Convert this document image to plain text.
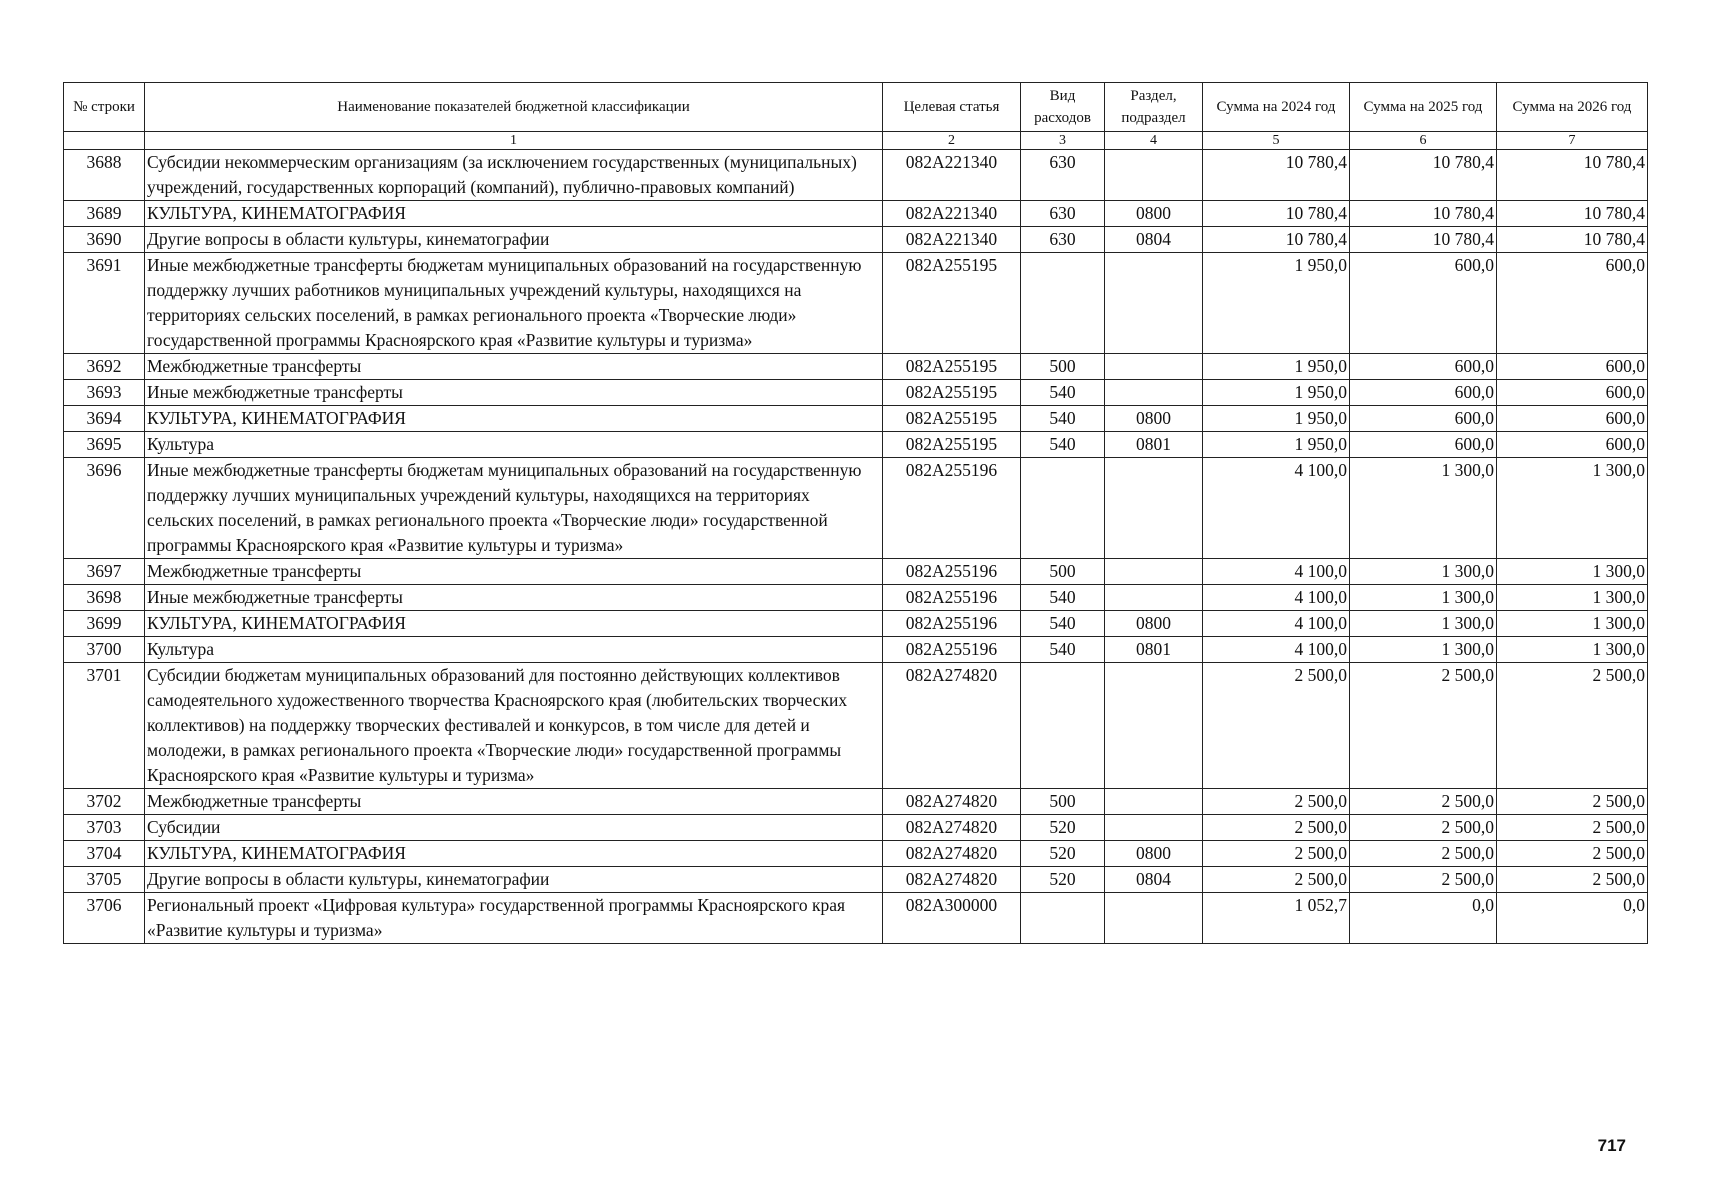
№ строки	Наименование показателей бюджетной классификации	Целевая статья	Вид расходов	Раздел, подраздел	Сумма на 2024 год	Сумма на 2025 год	Сумма на 2026 год
	1	2	3	4	5	6	7
3688	Субсидии некоммерческим организациям (за исключением государственных (муниципальных) учреждений, государственных корпораций (компаний), публично-правовых компаний)	082A221340	630		10 780,4	10 780,4	10 780,4
3689	КУЛЬТУРА, КИНЕМАТОГРАФИЯ	082A221340	630	0800	10 780,4	10 780,4	10 780,4
3690	Другие вопросы в области культуры, кинематографии	082A221340	630	0804	10 780,4	10 780,4	10 780,4
3691	Иные межбюджетные трансферты бюджетам муниципальных образований на государственную поддержку лучших работников муниципальных учреждений культуры, находящихся на территориях сельских поселений, в рамках регионального проекта «Творческие люди» государственной программы Красноярского края «Развитие культуры и туризма»	082A255195			1 950,0	600,0	600,0
3692	Межбюджетные трансферты	082A255195	500		1 950,0	600,0	600,0
3693	Иные межбюджетные трансферты	082A255195	540		1 950,0	600,0	600,0
3694	КУЛЬТУРА, КИНЕМАТОГРАФИЯ	082A255195	540	0800	1 950,0	600,0	600,0
3695	Культура	082A255195	540	0801	1 950,0	600,0	600,0
3696	Иные межбюджетные трансферты бюджетам муниципальных образований на государственную поддержку лучших муниципальных учреждений культуры, находящихся на территориях сельских поселений, в рамках регионального проекта «Творческие люди» государственной программы Красноярского края «Развитие культуры и туризма»	082A255196			4 100,0	1 300,0	1 300,0
3697	Межбюджетные трансферты	082A255196	500		4 100,0	1 300,0	1 300,0
3698	Иные межбюджетные трансферты	082A255196	540		4 100,0	1 300,0	1 300,0
3699	КУЛЬТУРА, КИНЕМАТОГРАФИЯ	082A255196	540	0800	4 100,0	1 300,0	1 300,0
3700	Культура	082A255196	540	0801	4 100,0	1 300,0	1 300,0
3701	Субсидии бюджетам муниципальных образований для постоянно действующих коллективов самодеятельного художественного творчества Красноярского края (любительских творческих коллективов) на поддержку творческих фестивалей и конкурсов, в том числе для детей и молодежи, в рамках регионального проекта «Творческие люди» государственной программы Красноярского края «Развитие культуры и туризма»	082A274820			2 500,0	2 500,0	2 500,0
3702	Межбюджетные трансферты	082A274820	500		2 500,0	2 500,0	2 500,0
3703	Субсидии	082A274820	520		2 500,0	2 500,0	2 500,0
3704	КУЛЬТУРА, КИНЕМАТОГРАФИЯ	082A274820	520	0800	2 500,0	2 500,0	2 500,0
3705	Другие вопросы в области культуры, кинематографии	082A274820	520	0804	2 500,0	2 500,0	2 500,0
3706	Региональный проект «Цифровая культура» государственной программы Красноярского края «Развитие культуры и туризма»	082A300000			1 052,7	0,0	0,0
717
